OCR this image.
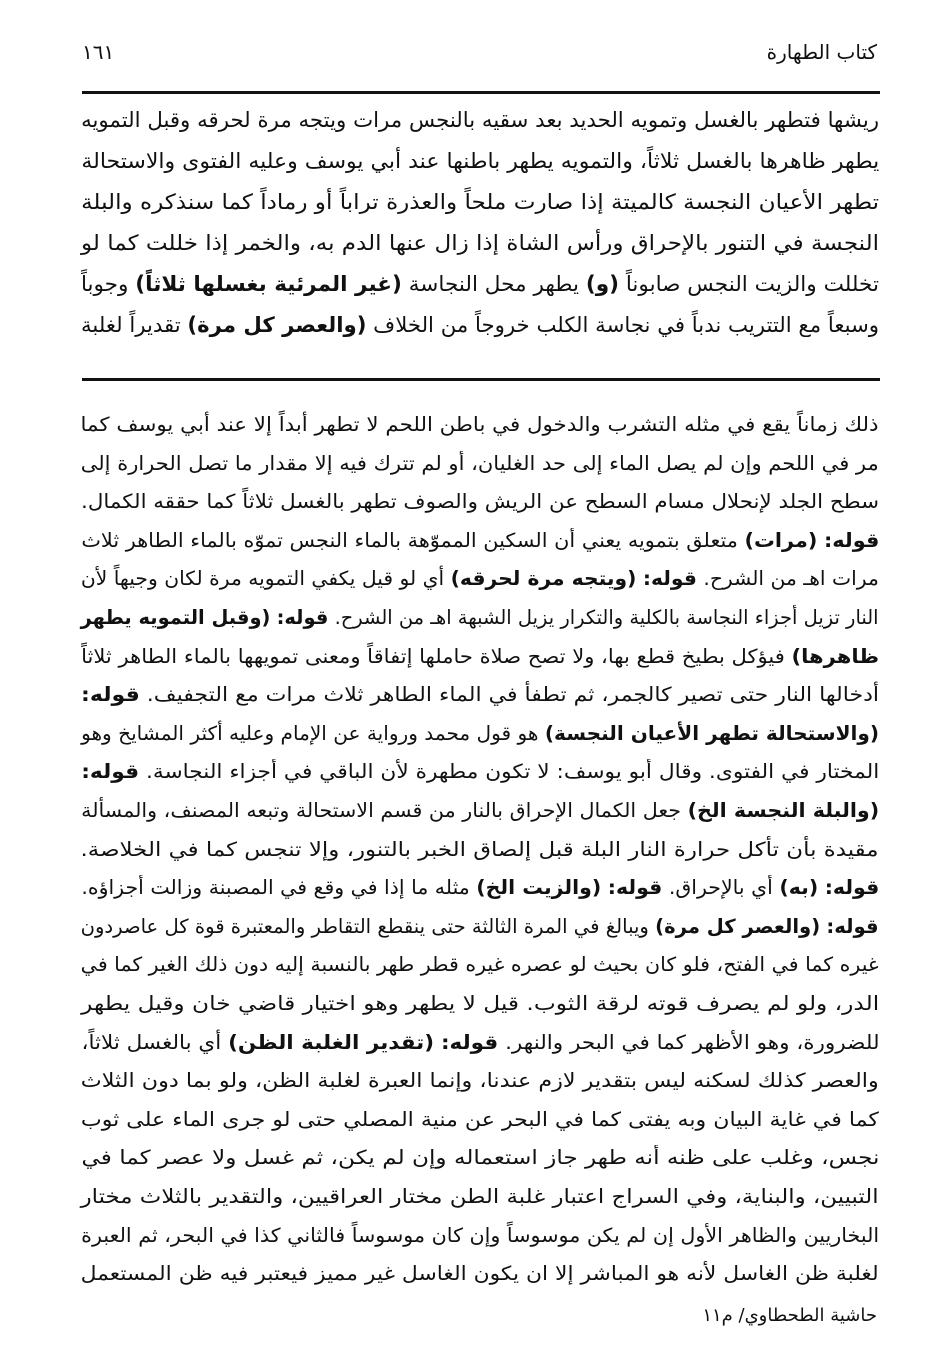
كتاب الطهارة
١٦١
ريشها فتطهر بالغسل وتمويه الحديد بعد سقيه بالنجس مرات ويتجه مرة لحرقه وقبل التمويه
يطهر ظاهرها بالغسل ثلاثاً، والتمويه يطهر باطنها عند أبي يوسف وعليه الفتوى والاستحالة
تطهر الأعيان النجسة كالميتة إذا صارت ملحاً والعذرة تراباً أو رماداً كما سنذكره والبلة
النجسة في التنور بالإحراق ورأس الشاة إذا زال عنها الدم به، والخمر إذا خللت كما لو
تخللت والزيت النجس صابوناً (و) يطهر محل النجاسة (غير المرئية بغسلها ثلاثاً) وجوباً
وسبعاً مع التتريب ندباً في نجاسة الكلب خروجاً من الخلاف (والعصر كل مرة) تقديراً لغلبة
ذلك زماناً يقع في مثله التشرب والدخول في باطن اللحم لا تطهر أبداً إلا عند أبي يوسف كما
مر في اللحم وإن لم يصل الماء إلى حد الغليان، أو لم تترك فيه إلا مقدار ما تصل الحرارة إلى
سطح الجلد لإنحلال مسام السطح عن الريش والصوف تطهر بالغسل ثلاثاً كما حققه الكمال.
قوله: (مرات) متعلق بتمويه يعني أن السكين المموّهة بالماء النجس تموّه بالماء الطاهر ثلاث
مرات اهـ من الشرح. قوله: (ويتجه مرة لحرقه) أي لو قيل يكفي التمويه مرة لكان وجيهاً لأن
النار تزيل أجزاء النجاسة بالكلية والتكرار يزيل الشبهة اهـ من الشرح. قوله: (وقبل التمويه يطهر
ظاهرها) فيؤكل بطيخ قطع بها، ولا تصح صلاة حاملها إتفاقاً ومعنى تمويهها بالماء الطاهر ثلاثاً
أدخالها النار حتى تصير كالجمر، ثم تطفأ في الماء الطاهر ثلاث مرات مع التجفيف. قوله:
(والاستحالة تطهر الأعيان النجسة) هو قول محمد ورواية عن الإمام وعليه أكثر المشايخ وهو
المختار في الفتوى. وقال أبو يوسف: لا تكون مطهرة لأن الباقي في أجزاء النجاسة. قوله:
(والبلة النجسة الخ) جعل الكمال الإحراق بالنار من قسم الاستحالة وتبعه المصنف، والمسألة
مقيدة بأن تأكل حرارة النار البلة قبل إلصاق الخبر بالتنور، وإلا تنجس كما في الخلاصة.
قوله: (به) أي بالإحراق. قوله: (والزيت الخ) مثله ما إذا في وقع في المصبنة وزالت أجزاؤه.
قوله: (والعصر كل مرة) ويبالغ في المرة الثالثة حتى ينقطع التقاطر والمعتبرة قوة كل عاصردون
غيره كما في الفتح، فلو كان بحيث لو عصره غيره قطر طهر بالنسبة إليه دون ذلك الغير كما في
الدر، ولو لم يصرف قوته لرقة الثوب. قيل لا يطهر وهو اختيار قاضي خان وقيل يطهر
للضرورة، وهو الأظهر كما في البحر والنهر. قوله: (تقدير الغلبة الظن) أي بالغسل ثلاثاً،
والعصر كذلك لسكنه ليس بتقدير لازم عندنا، وإنما العبرة لغلبة الظن، ولو بما دون الثلاث
كما في غاية البيان وبه يفتى كما في البحر عن منية المصلي حتى لو جرى الماء على ثوب
نجس، وغلب على ظنه أنه طهر جاز استعماله وإن لم يكن، ثم غسل ولا عصر كما في
التبيين، والبناية، وفي السراج اعتبار غلبة الطن مختار العراقيين، والتقدير بالثلاث مختار
البخاريين والظاهر الأول إن لم يكن موسوساً وإن كان موسوساً فالثاني كذا في البحر، ثم العبرة
لغلبة ظن الغاسل لأنه هو المباشر إلا ان يكون الغاسل غير مميز فيعتبر فيه ظن المستعمل
حاشية الطحطاوي/ م١١
